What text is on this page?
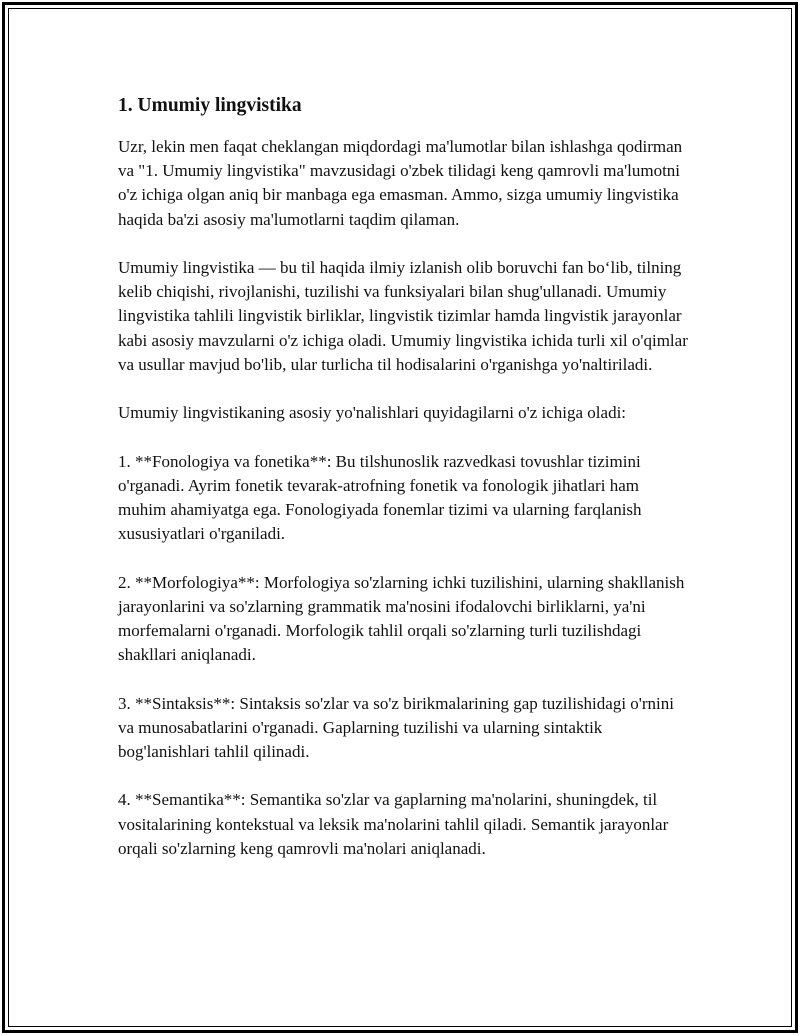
1. Umumiy lingvistika

Uzr, lekin men faqat cheklangan miqdordagi ma'lumotlar bilan ishlashga qodirman va "1. Umumiy lingvistika" mavzusidagi o'zbek tilidagi keng qamrovli ma'lumotni o'z ichiga olgan aniq bir manbaga ega emasman. Ammo, sizga umumiy lingvistika haqida ba'zi asosiy ma'lumotlarni taqdim qilaman.

Umumiy lingvistika — bu til haqida ilmiy izlanish olib boruvchi fan bo‘lib, tilning kelib chiqishi, rivojlanishi, tuzilishi va funksiyalari bilan shug'ullanadi. Umumiy lingvistika tahlili lingvistik birliklar, lingvistik tizimlar hamda lingvistik jarayonlar kabi asosiy mavzularni o'z ichiga oladi. Umumiy lingvistika ichida turli xil o'qimlar va usullar mavjud bo'lib, ular turlicha til hodisalarini o'rganishga yo'naltiriladi.

Umumiy lingvistikaning asosiy yo'nalishlari quyidagilarni o'z ichiga oladi:

1. **Fonologiya va fonetika**: Bu tilshunoslik razvedkasi tovushlar tizimini o'rganadi. Ayrim fonetik tevarak-atrofning fonetik va fonologik jihatlari ham muhim ahamiyatga ega. Fonologiyada fonemlar tizimi va ularning farqlanish xususiyatlari o'rganiladi.

2. **Morfologiya**: Morfologiya so'zlarning ichki tuzilishini, ularning shakllanish jarayonlarini va so'zlarning grammatik ma'nosini ifodalovchi birliklarni, ya'ni morfemalarni o'rganadi. Morfologik tahlil orqali so'zlarning turli tuzilishdagi shakllari aniqlanadi.

3. **Sintaksis**: Sintaksis so'zlar va so'z birikmalarining gap tuzilishidagi o'rnini va munosabatlarini o'rganadi. Gaplarning tuzilishi va ularning sintaktik bog'lanishlari tahlil qilinadi.

4. **Semantika**: Semantika so'zlar va gaplarning ma'nolarini, shuningdek, til vositalarining kontekstual va leksik ma'nolarini tahlil qiladi. Semantik jarayonlar orqali so'zlarning keng qamrovli ma'nolari aniqlanadi.
